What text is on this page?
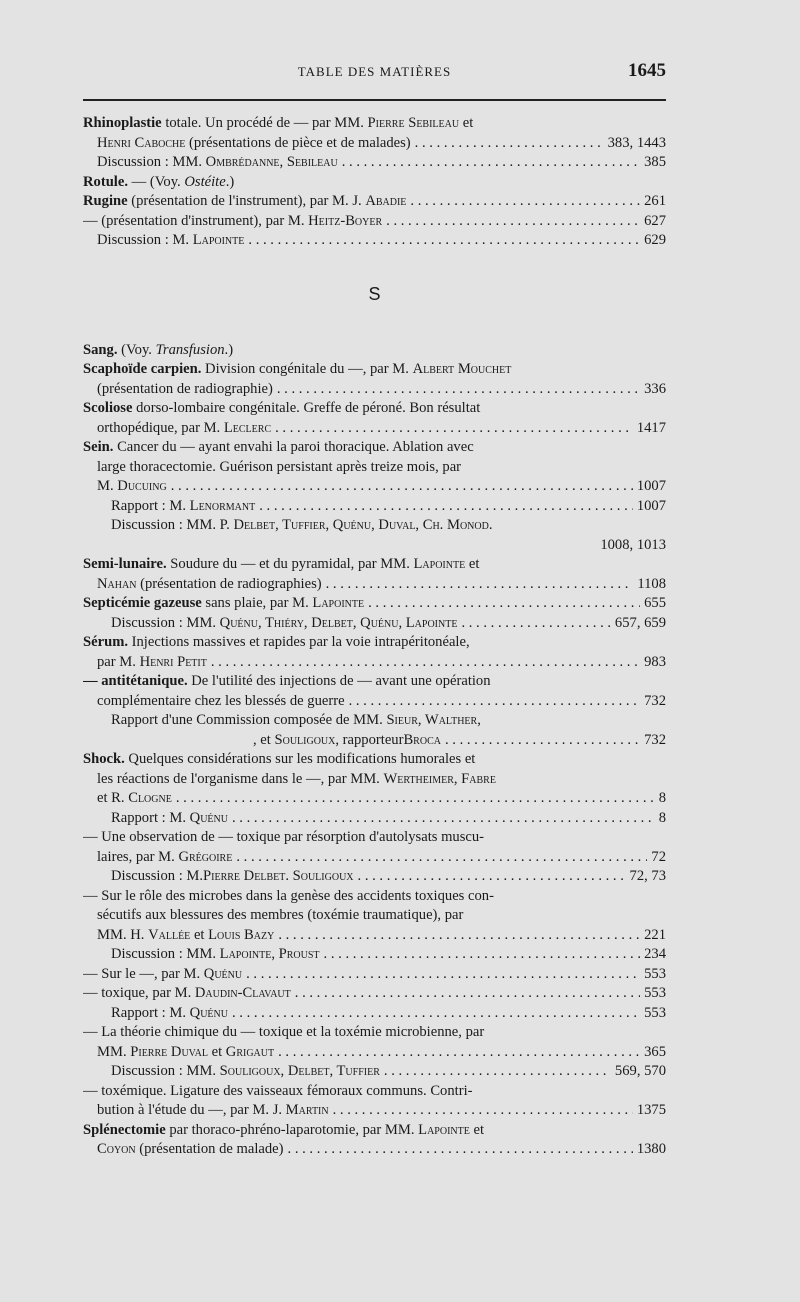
TABLE DES MATIÈRES	1645
Rhinoplastie totale. Un procédé de — par MM. Pierre Sebileau et
Henri Caboche (présentations de pièce et de malades) . . .	383, 1443
Discussion : MM. Ombrédanne, Sebileau . . .	385
Rotule. — (Voy. Ostéite.)
Rugine (présentation de l'instrument), par M. J. Abadie . . .	261
— (présentation d'instrument), par M. Heitz-Boyer . . .	627
Discussion : M. Lapointe . . .	629
S
Sang. (Voy. Transfusion.)
Scaphoïde carpien. Division congénitale du —, par M. Albert Mouchet
(présentation de radiographie) . . .	336
Scoliose dorso-lombaire congénitale. Greffe de péroné. Bon résultat
orthopédique, par M. Leclerc . . .	1417
Sein. Cancer du — ayant envahi la paroi thoracique. Ablation avec
large thoracectomie. Guérison persistant après treize mois, par
M. Ducuing . . .	1007
Rapport : M. Lenormant . . .	1007
Discussion : MM. P. Delbet, Tuffier, Quénu, Duval, Ch. Monod.
1008, 1013
Semi-lunaire. Soudure du — et du pyramidal, par MM. Lapointe et
Nahan (présentation de radiographies) . . .	1108
Septicémie gazeuse sans plaie, par M. Lapointe . . .	655
Discussion : MM. Quénu, Thiéry, Delbet, Quénu, Lapointe . . .	657, 659
Sérum. Injections massives et rapides par la voie intrapéritonéale,
par M. Henri Petit . . .	983
— antitétanique. De l'utilité des injections de — avant une opération
complémentaire chez les blessés de guerre . . .	732
Rapport d'une Commission composée de MM. Sieur, Walther,
, et Souligoux, rapporteurBroca . . .	732
Shock. Quelques considérations sur les modifications humorales et
les réactions de l'organisme dans le —, par MM. Wertheimer, Fabre
et R. Clogne . . .	8
Rapport : M. Quénu . . .	8
— Une observation de — toxique par résorption d'autolysats muscu-
laires, par M. Grégoire . . .	72
Discussion : M.Pierre Delbet. Souligoux . . .	72, 73
— Sur le rôle des microbes dans la genèse des accidents toxiques con-
sécutifs aux blessures des membres (toxémie traumatique), par
MM. H. Vallée et Louis Bazy . . .	221
Discussion : MM. Lapointe, Proust . . .	234
— Sur le —, par M. Quénu . . .	553
— toxique, par M. Daudin-Clavaut . . .	553
Rapport : M. Quénu . . .	553
— La théorie chimique du — toxique et la toxémie microbienne, par
MM. Pierre Duval et Grigaut . . .	365
Discussion : MM. Souligoux, Delbet, Tuffier . . .	569, 570
— toxémique. Ligature des vaisseaux fémoraux communs. Contri-
bution à l'étude du —, par M. J. Martin . . .	1375
Splénectomie par thoraco-phréno-laparotomie, par MM. Lapointe et
Coyon (présentation de malade) . . .	1380
